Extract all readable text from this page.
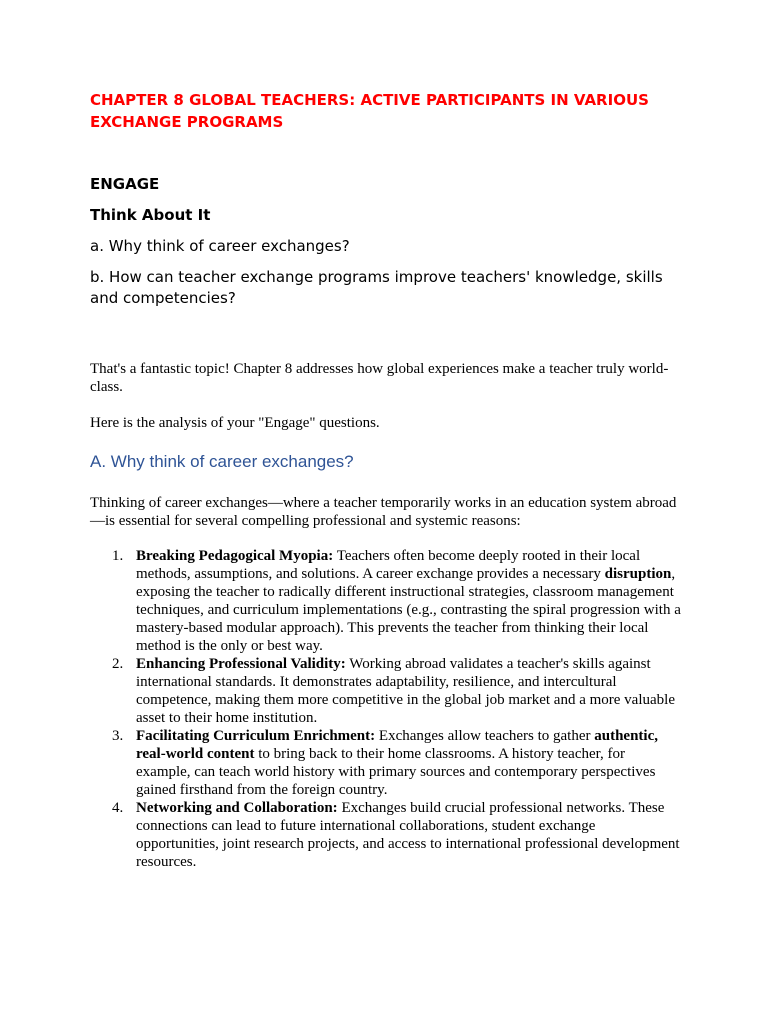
CHAPTER 8 GLOBAL TEACHERS: ACTIVE PARTICIPANTS IN VARIOUS EXCHANGE PROGRAMS
ENGAGE
Think About It

a. Why think of career exchanges?

b. How can teacher exchange programs improve teachers' knowledge, skills and competencies?

That's a fantastic topic! Chapter 8 addresses how global experiences make a teacher truly world-class.

Here is the analysis of your "Engage" questions.

A. Why think of career exchanges?

Thinking of career exchanges—where a teacher temporarily works in an education system abroad—is essential for several compelling professional and systemic reasons:

1. Breaking Pedagogical Myopia: Teachers often become deeply rooted in their local methods, assumptions, and solutions. A career exchange provides a necessary disruption, exposing the teacher to radically different instructional strategies, classroom management techniques, and curriculum implementations (e.g., contrasting the spiral progression with a mastery-based modular approach). This prevents the teacher from thinking their local method is the only or best way.
2. Enhancing Professional Validity: Working abroad validates a teacher's skills against international standards. It demonstrates adaptability, resilience, and intercultural competence, making them more competitive in the global job market and a more valuable asset to their home institution.
3. Facilitating Curriculum Enrichment: Exchanges allow teachers to gather authentic, real-world content to bring back to their home classrooms. A history teacher, for example, can teach world history with primary sources and contemporary perspectives gained firsthand from the foreign country.
4. Networking and Collaboration: Exchanges build crucial professional networks. These connections can lead to future international collaborations, student exchange opportunities, joint research projects, and access to international professional development resources.
